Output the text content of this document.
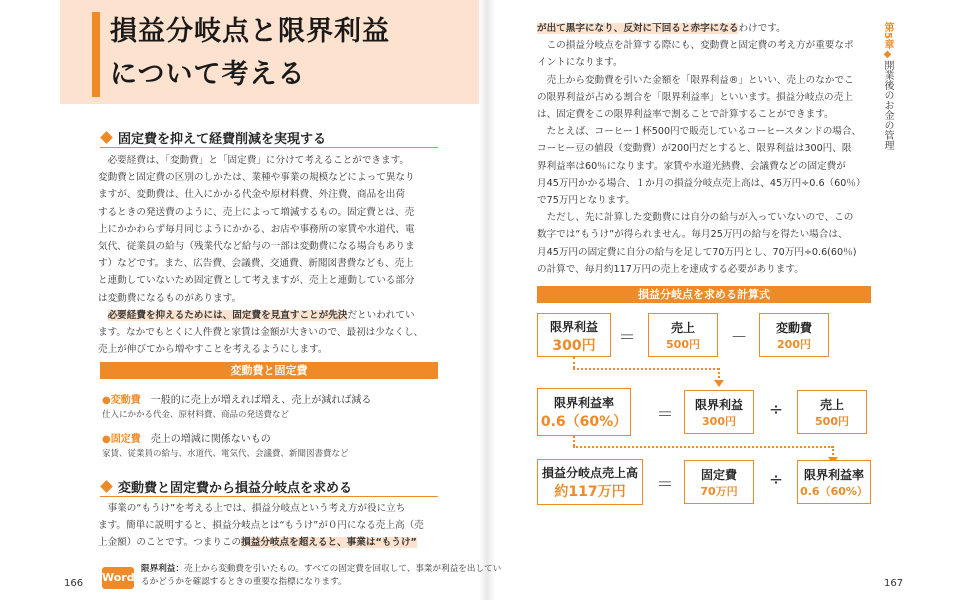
損益分岐点と限界利益
について考える
固定費を抑えて経費削減を実現する
　必要経費は、「変動費」と「固定費」に分けて考えることができます。
変動費と固定費の区別のしかたは、業種や事業の規模などによって異なり
ますが、変動費は、仕入にかかる代金や原材料費、外注費、商品を出荷
するときの発送費のように、売上によって増減するもの。固定費とは、売
上にかかわらず毎月同じようにかかる、お店や事務所の家賃や水道代、電
気代、従業員の給与（残業代など給与の一部は変動費になる場合もありま
す）などです。また、広告費、会議費、交通費、新聞図書費なども、売上
と連動していないため固定費として考えますが、売上と連動している部分
は変動費になるものがあります。
　必要経費を抑えるためには、固定費を見直すことが先決だといわれてい
ます。なかでもとくに人件費と家賃は金額が大きいので、最初は少なくし、
売上が伸びてから増やすことを考えるようにします。
変動費と固定費
●変動費　 一般的に売上が増えれば増え、売上が減れば減る
仕入にかかる代金、原材料費、商品の発送費など
●固定費　 売上の増減に関係ないもの
家賃、従業員の給与、水道代、電気代、会議費、新聞図書費など
変動費と固定費から損益分岐点を求める
　事業の“もうけ”を考える上では、損益分岐点という考え方が役に立ち
ます。簡単に説明すると、損益分岐点とは“もうけ”が０円になる売上高（売
上金額）のことです。つまりこの損益分岐点を超えると、事業は“もうけ”
Word
限界利益：売上から変動費を引いたもの。すべての固定費を回収して、事業が利益を出してい
るかどうかを確認するときの重要な指標になります。
166
が出て黒字になり、反対に下回ると赤字になるわけです。
　この損益分岐点を計算する際にも、変動費と固定費の考え方が重要なポ
イントになります。
　売上から変動費を引いた金額を「限界利益®」といい、売上のなかでこ
の限界利益が占める割合を「限界利益率」といいます。損益分岐点の売上
は、固定費をこの限界利益率で割ることで計算することができます。
　たとえば、コーヒー１杯500円で販売しているコーヒースタンドの場合、
コーヒー豆の値段（変動費）が200円だとすると、限界利益は300円、限
界利益率は60％になります。家賃や水道光熱費、会議費などの固定費が
月45万円かかる場合、１か月の損益分岐点売上高は、45万円÷0.6（60％）
で75万円となります。
　ただし、先に計算した変動費には自分の給与が入っていないので、この
数字では“もうけ”が得られません。毎月25万円の給与を得たい場合は、
月45万円の固定費に自分の給与を足して70万円とし、70万円÷0.6(60％)
の計算で、毎月約117万円の売上を達成する必要があります。
損益分岐点を求める計算式
限界利益
300円	＝	売上
500円	－	変動費
200円
限界利益率
0.6（60%） ＝	限界利益
300円
÷	売上
500円
損益分岐点売上高
約117万円	＝	固定費
70万円
÷	限界利益率
0.6（60%）
第5章◆開業後のお金の管理
167
